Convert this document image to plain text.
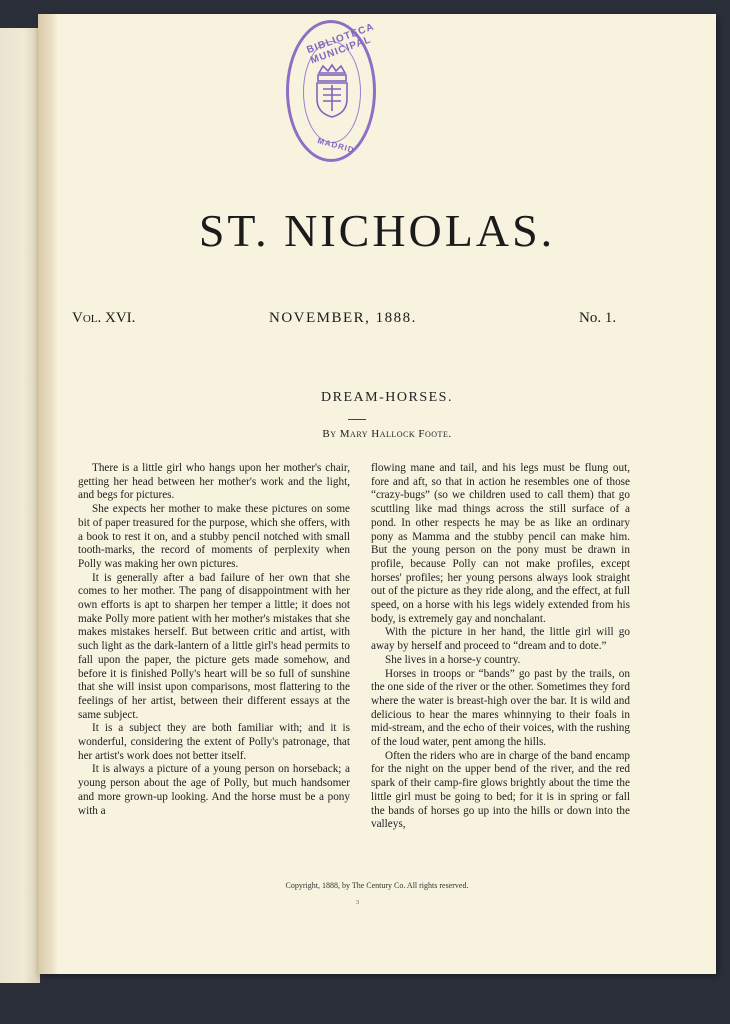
BIBLIOTECA MUNICIPAL
MADRID
ST. NICHOLAS.
Vol. XVI.	NOVEMBER, 1888.	No. 1.
DREAM-HORSES.
By Mary Hallock Foote.

There is a little girl who hangs upon her mother's chair, getting her head between her mother's work and the light, and begs for pictures.

She expects her mother to make these pictures on some bit of paper treasured for the purpose, which she offers, with a book to rest it on, and a stubby pencil notched with small tooth-marks, the record of moments of perplexity when Polly was making her own pictures.

It is generally after a bad failure of her own that she comes to her mother. The pang of disappointment with her own efforts is apt to sharpen her temper a little; it does not make Polly more patient with her mother's mistakes that she makes mistakes herself. But between critic and artist, with such light as the dark-lantern of a little girl's head permits to fall upon the paper, the picture gets made somehow, and before it is finished Polly's heart will be so full of sunshine that she will insist upon comparisons, most flattering to the feelings of her artist, between their different essays at the same subject.

It is a subject they are both familiar with; and it is wonderful, considering the extent of Polly's patronage, that her artist's work does not better itself.

It is always a picture of a young person on horseback; a young person about the age of Polly, but much handsomer and more grown-up looking. And the horse must be a pony with a

flowing mane and tail, and his legs must be flung out, fore and aft, so that in action he resembles one of those “crazy-bugs” (so we children used to call them) that go scuttling like mad things across the still surface of a pond. In other respects he may be as like an ordinary pony as Mamma and the stubby pencil can make him. But the young person on the pony must be drawn in profile, because Polly can not make profiles, except horses' profiles; her young persons always look straight out of the picture as they ride along, and the effect, at full speed, on a horse with his legs widely extended from his body, is extremely gay and nonchalant.

With the picture in her hand, the little girl will go away by herself and proceed to “dream and to dote.”

She lives in a horse-y country.

Horses in troops or “bands” go past by the trails, on the one side of the river or the other. Sometimes they ford where the water is breast-high over the bar. It is wild and delicious to hear the mares whinnying to their foals in mid-stream, and the echo of their voices, with the rushing of the loud water, pent among the hills.

Often the riders who are in charge of the band encamp for the night on the upper bend of the river, and the red spark of their camp-fire glows brightly about the time the little girl must be going to bed; for it is in spring or fall the bands of horses go up into the hills or down into the valleys,

Copyright, 1888, by The Century Co. All rights reserved.
3
